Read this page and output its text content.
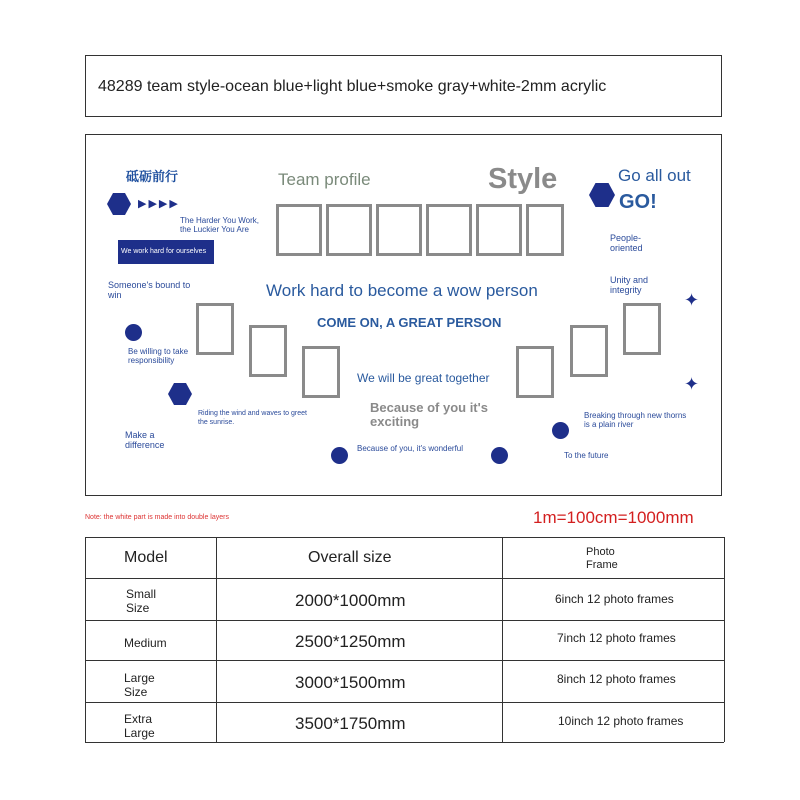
48289 team style-ocean blue+light blue+smoke gray+white-2mm acrylic
砥砺前行
▶▶▶▶
The Harder You Work, the Luckier You Are
We work hard for ourselves
Someone's bound to win
Be willing to take responsibility
Riding the wind and waves to greet the sunrise.
Make a difference
Team profile	Style	Go all out
GO!
People-oriented
Unity and integrity	✦
✦
Work hard to become a wow person
COME ON, A GREAT PERSON
We will be great together
Because of you it's exciting
Because of you, it's wonderful
Breaking through new thorns is a plain river
To the future
Note: the white part is made into double layers	1m=100cm=1000mm
Model	Overall size	Photo Frame
Small Size	2000*1000mm	6inch 12 photo frames
Medium	2500*1250mm	7inch 12 photo frames
Large Size	3000*1500mm	8inch 12 photo frames
Extra Large	3500*1750mm	10inch 12 photo frames
